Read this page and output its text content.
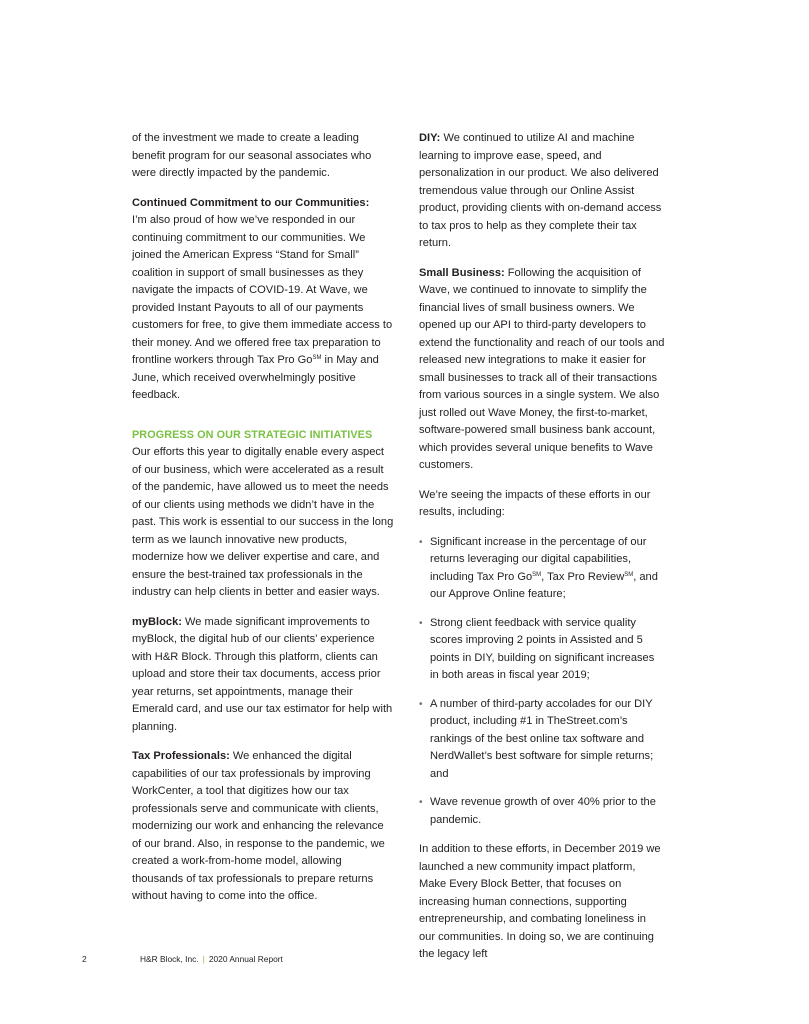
of the investment we made to create a leading benefit program for our seasonal associates who were directly impacted by the pandemic.

Continued Commitment to our Communities:
I’m also proud of how we’ve responded in our continuing commitment to our communities. We joined the American Express “Stand for Small” coalition in support of small businesses as they navigate the impacts of COVID-19. At Wave, we provided Instant Payouts to all of our payments customers for free, to give them immediate access to their money. And we offered free tax preparation to frontline workers through Tax Pro Go℠ in May and June, which received overwhelmingly positive feedback.

PROGRESS ON OUR STRATEGIC INITIATIVES

Our efforts this year to digitally enable every aspect of our business, which were accelerated as a result of the pandemic, have allowed us to meet the needs of our clients using methods we didn’t have in the past. This work is essential to our success in the long term as we launch innovative new products, modernize how we deliver expertise and care, and ensure the best-trained tax professionals in the industry can help clients in better and easier ways.

myBlock: We made significant improvements to myBlock, the digital hub of our clients’ experience with H&R Block. Through this platform, clients can upload and store their tax documents, access prior year returns, set appointments, manage their Emerald card, and use our tax estimator for help with planning.

Tax Professionals: We enhanced the digital capabilities of our tax professionals by improving WorkCenter, a tool that digitizes how our tax professionals serve and communicate with clients, modernizing our work and enhancing the relevance of our brand. Also, in response to the pandemic, we created a work-from-home model, allowing thousands of tax professionals to prepare returns without having to come into the office.

DIY: We continued to utilize AI and machine learning to improve ease, speed, and personalization in our product. We also delivered tremendous value through our Online Assist product, providing clients with on-demand access to tax pros to help as they complete their tax return.

Small Business: Following the acquisition of Wave, we continued to innovate to simplify the financial lives of small business owners. We opened up our API to third-party developers to extend the functionality and reach of our tools and released new integrations to make it easier for small businesses to track all of their transactions from various sources in a single system. We also just rolled out Wave Money, the first-to-market, software-powered small business bank account, which provides several unique benefits to Wave customers.

We’re seeing the impacts of these efforts in our results, including:

• Significant increase in the percentage of our returns leveraging our digital capabilities, including Tax Pro Go℠, Tax Pro Review℠, and our Approve Online feature;
• Strong client feedback with service quality scores improving 2 points in Assisted and 5 points in DIY, building on significant increases in both areas in fiscal year 2019;
• A number of third-party accolades for our DIY product, including #1 in TheStreet.com’s rankings of the best online tax software and NerdWallet’s best software for simple returns; and
• Wave revenue growth of over 40% prior to the pandemic.

In addition to these efforts, in December 2019 we launched a new community impact platform, Make Every Block Better, that focuses on increasing human connections, supporting entrepreneurship, and combating loneliness in our communities. In doing so, we are continuing the legacy left

2	H&R Block, Inc. | 2020 Annual Report
